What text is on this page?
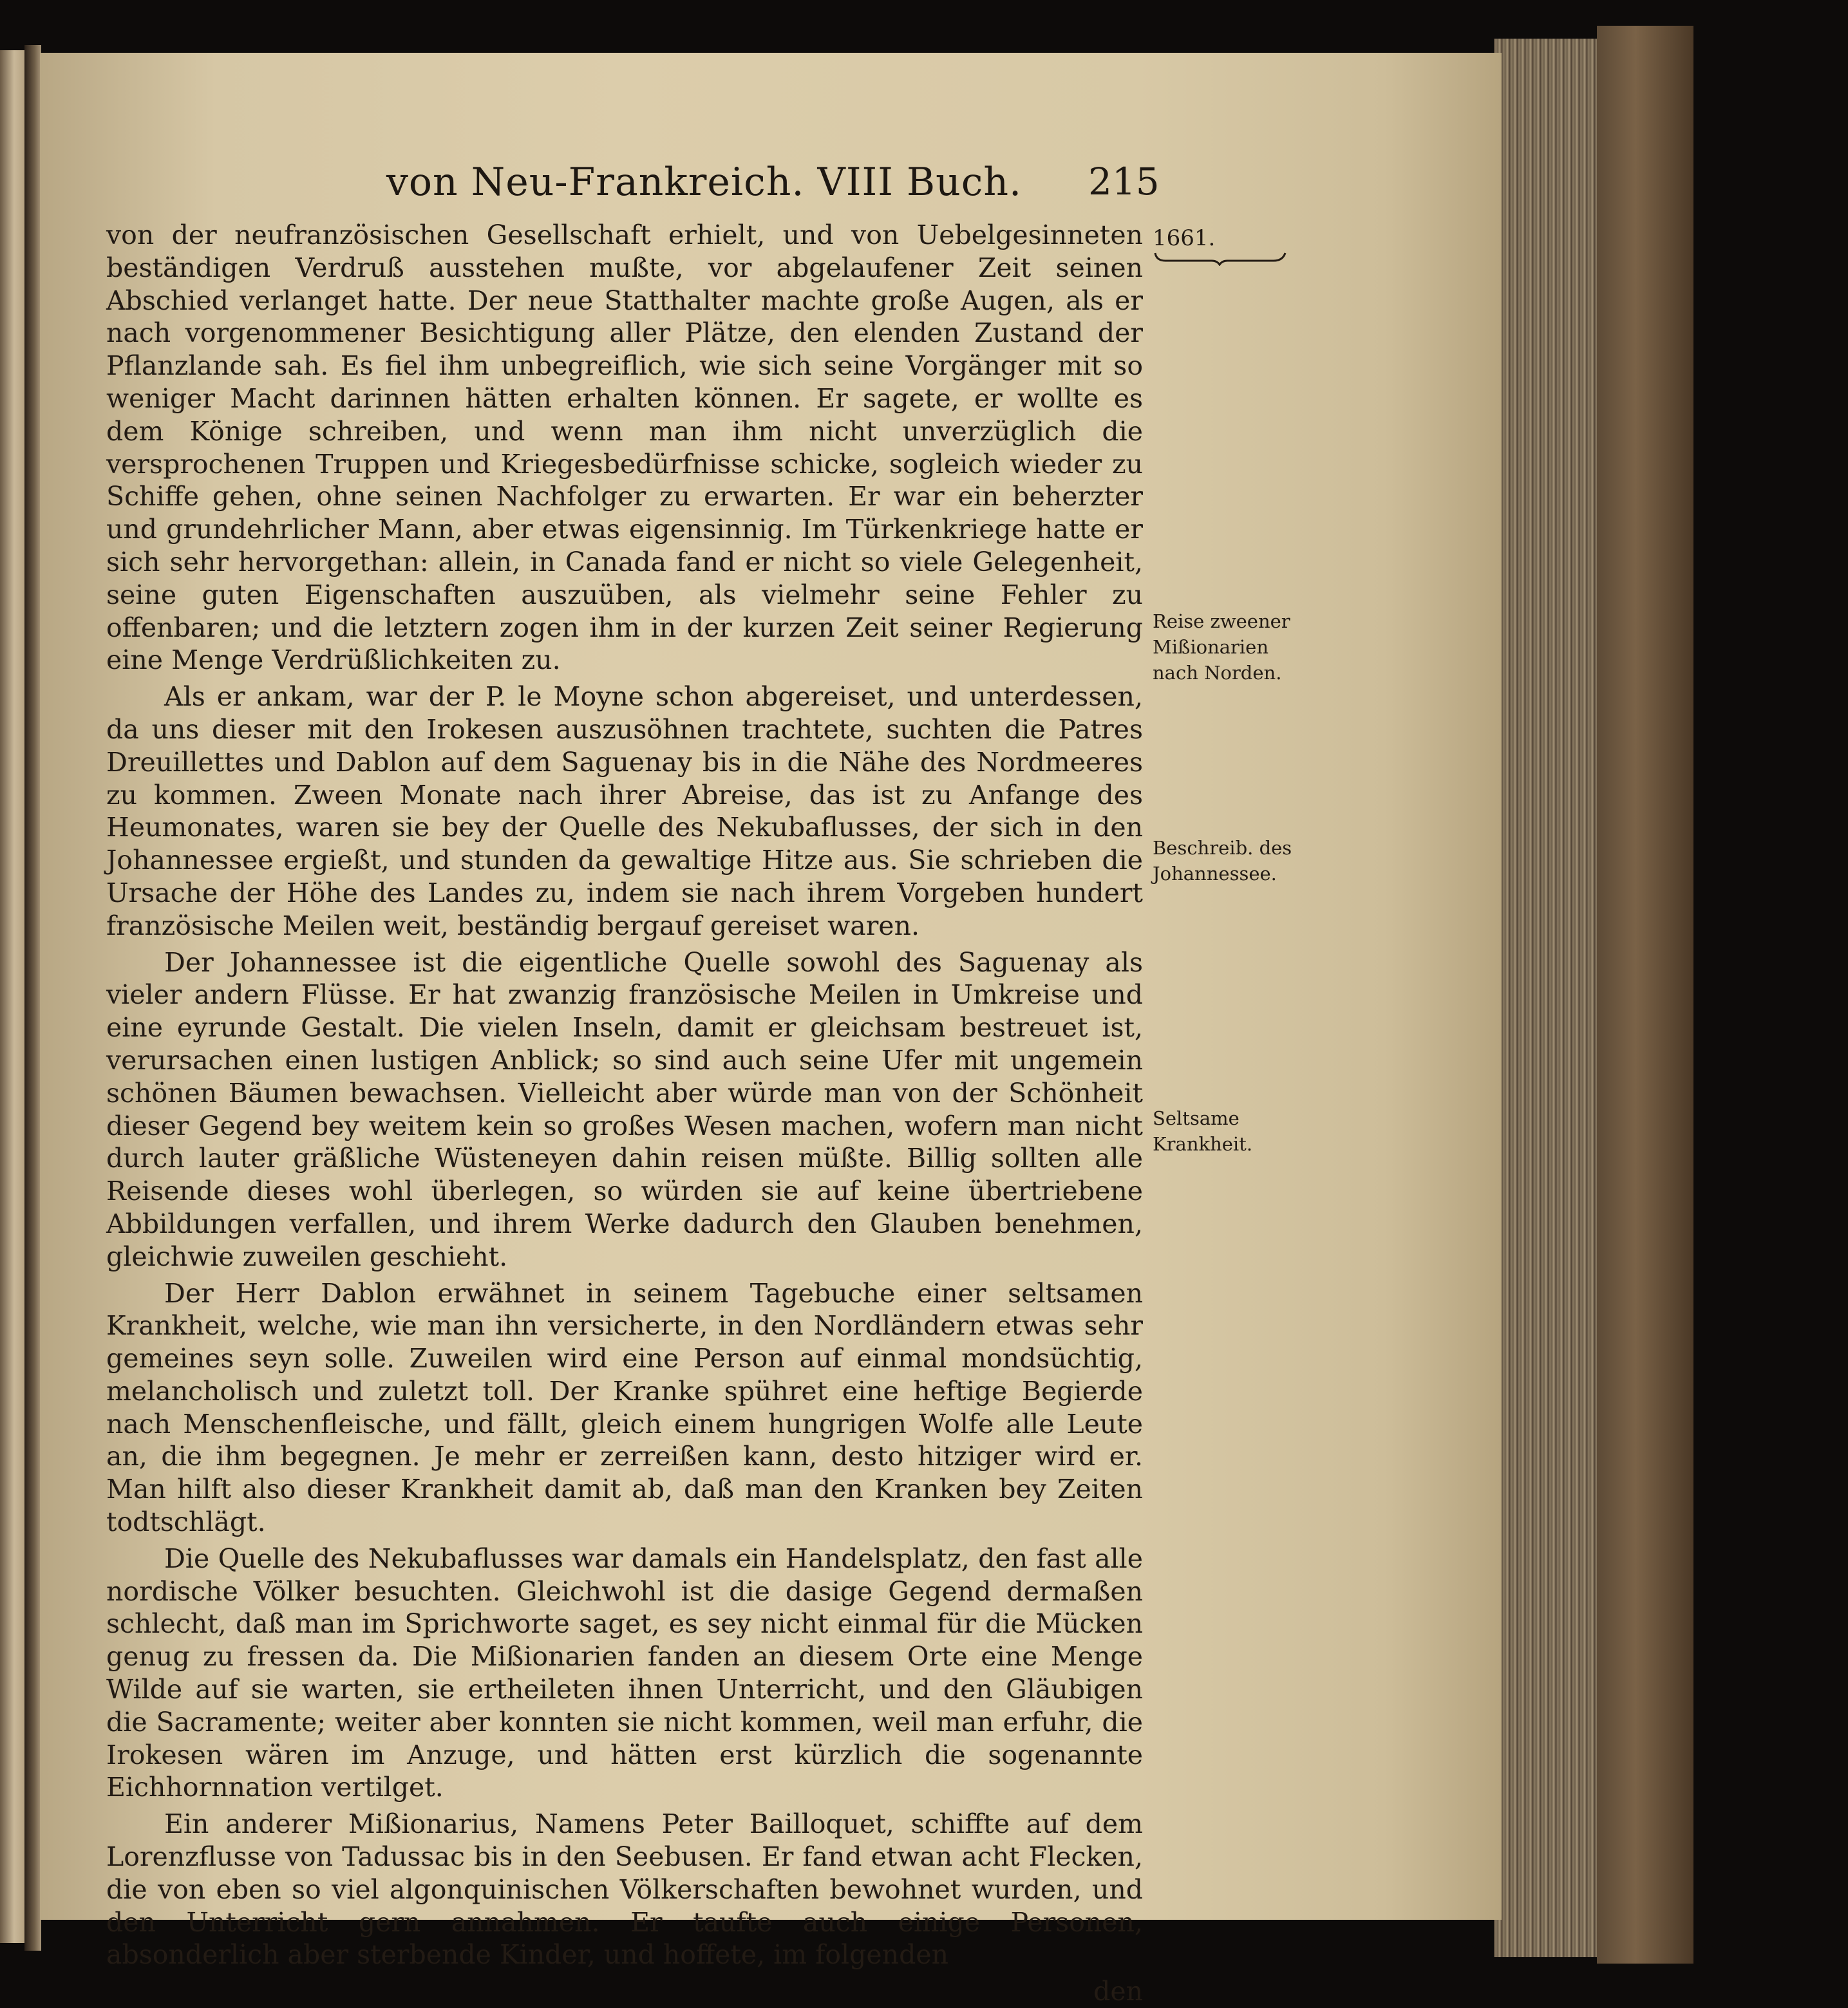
von Neu-Frankreich. VIII Buch.	215

von der neufranzösischen Gesellschaft erhielt, und von Uebelgesinneten beständigen Verdruß ausstehen mußte, vor abgelaufener Zeit seinen Abschied verlanget hatte. Der neue Statthalter machte große Augen, als er nach vorgenommener Besichtigung aller Plätze, den elenden Zustand der Pflanzlande sah. Es fiel ihm unbegreiflich, wie sich seine Vorgänger mit so weniger Macht darinnen hätten erhalten können. Er sagete, er wollte es dem Könige schreiben, und wenn man ihm nicht unverzüglich die versprochenen Truppen und Kriegesbedürfnisse schicke, sogleich wieder zu Schiffe gehen, ohne seinen Nachfolger zu erwarten. Er war ein beherzter und grundehrlicher Mann, aber etwas eigensinnig. Im Türkenkriege hatte er sich sehr hervorgethan: allein, in Canada fand er nicht so viele Gelegenheit, seine guten Eigenschaften auszuüben, als vielmehr seine Fehler zu offenbaren; und die letztern zogen ihm in der kurzen Zeit seiner Regierung eine Menge Verdrüßlichkeiten zu.

Als er ankam, war der P. le Moyne schon abgereiset, und unterdessen, da uns dieser mit den Irokesen auszusöhnen trachtete, suchten die Patres Dreuillettes und Dablon auf dem Saguenay bis in die Nähe des Nordmeeres zu kommen. Zween Monate nach ihrer Abreise, das ist zu Anfange des Heumonates, waren sie bey der Quelle des Nekubaflusses, der sich in den Johannessee ergießt, und stunden da gewaltige Hitze aus. Sie schrieben die Ursache der Höhe des Landes zu, indem sie nach ihrem Vorgeben hundert französische Meilen weit, beständig bergauf gereiset waren.

Der Johannessee ist die eigentliche Quelle sowohl des Saguenay als vieler andern Flüsse. Er hat zwanzig französische Meilen in Umkreise und eine eyrunde Gestalt. Die vielen Inseln, damit er gleichsam bestreuet ist, verursachen einen lustigen Anblick; so sind auch seine Ufer mit ungemein schönen Bäumen bewachsen. Vielleicht aber würde man von der Schönheit dieser Gegend bey weitem kein so großes Wesen machen, wofern man nicht durch lauter gräßliche Wüsteneyen dahin reisen müßte. Billig sollten alle Reisende dieses wohl überlegen, so würden sie auf keine übertriebene Abbildungen verfallen, und ihrem Werke dadurch den Glauben benehmen, gleichwie zuweilen geschieht.

Der Herr Dablon erwähnet in seinem Tagebuche einer seltsamen Krankheit, welche, wie man ihn versicherte, in den Nordländern etwas sehr gemeines seyn solle. Zuweilen wird eine Person auf einmal mondsüchtig, melancholisch und zuletzt toll. Der Kranke spühret eine heftige Begierde nach Menschenfleische, und fällt, gleich einem hungrigen Wolfe alle Leute an, die ihm begegnen. Je mehr er zerreißen kann, desto hitziger wird er. Man hilft also dieser Krankheit damit ab, daß man den Kranken bey Zeiten todtschlägt.

Die Quelle des Nekubaflusses war damals ein Handelsplatz, den fast alle nordische Völker besuchten. Gleichwohl ist die dasige Gegend dermaßen schlecht, daß man im Sprichworte saget, es sey nicht einmal für die Mücken genug zu fressen da. Die Mißionarien fanden an diesem Orte eine Menge Wilde auf sie warten, sie ertheileten ihnen Unterricht, und den Gläubigen die Sacramente; weiter aber konnten sie nicht kommen, weil man erfuhr, die Irokesen wären im Anzuge, und hätten erst kürzlich die sogenannte Eichhornnation vertilget.

Ein anderer Mißionarius, Namens Peter Bailloquet, schiffte auf dem Lorenzflusse von Tadussac bis in den Seebusen. Er fand etwan acht Flecken, die von eben so viel algonquinischen Völkerschaften bewohnet wurden, und den Unterricht gern annahmen. Er taufte auch einige Personen, absonderlich aber sterbende Kinder, und hoffete, im folgenden

den

1661.
Reise zweener Mißionarien nach Norden.
Beschreib. des Johannessee.
Seltsame Krankheit.
